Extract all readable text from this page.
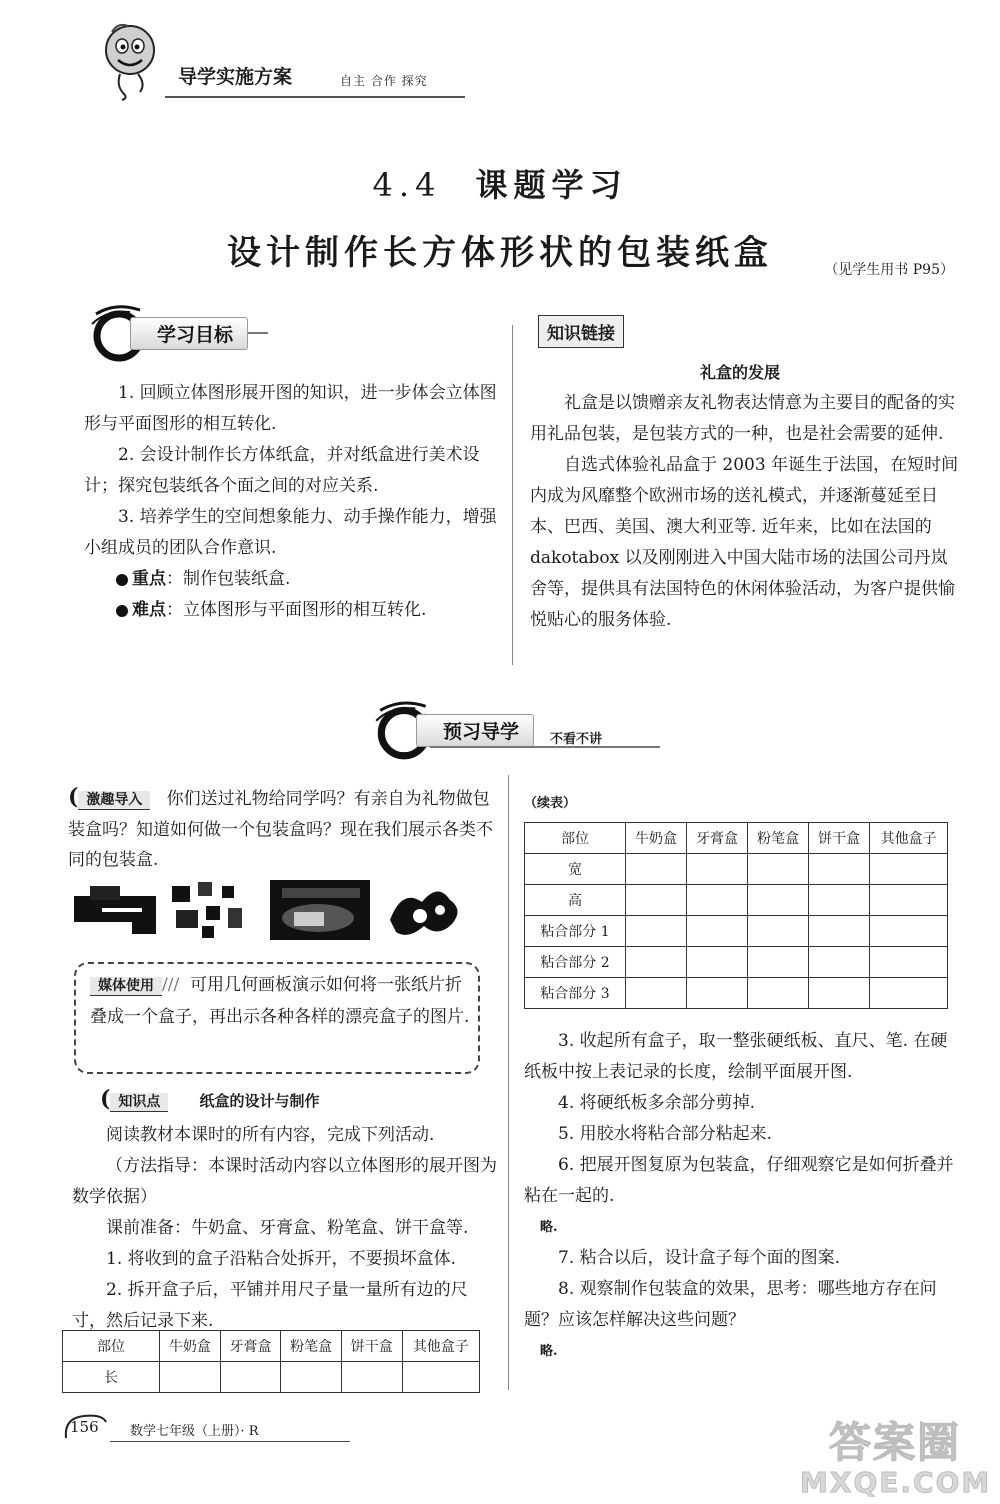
导学实施方案	自主 合作 探究
4.4 课题学习
设计制作长方体形状的包装纸盒	（见学生用书 P95）
学习目标

1. 回顾立体图形展开图的知识，进一步体会立体图形与平面图形的相互转化.

2. 会设计制作长方体纸盒，并对纸盒进行美术设计；探究包装纸各个面之间的对应关系.

3. 培养学生的空间想象能力、动手操作能力，增强小组成员的团队合作意识.

重点：制作包装纸盒.

难点：立体图形与平面图形的相互转化.

知识链接
礼盒的发展

礼盒是以馈赠亲友礼物表达情意为主要目的配备的实用礼品包装，是包装方式的一种，也是社会需要的延伸.

自选式体验礼品盒于 2003 年诞生于法国，在短时间内成为风靡整个欧洲市场的送礼模式，并逐渐蔓延至日本、巴西、美国、澳大利亚等. 近年来，比如在法国的 dakotabox 以及刚刚进入中国大陆市场的法国公司丹岚舍等，提供具有法国特色的休闲体验活动，为客户提供愉悦贴心的服务体验.

预习导学	不看不讲

( 激趣导入 你们送过礼物给同学吗？有亲自为礼物做包装盒吗？知道如何做一个包装盒吗？现在我们展示各类不同的包装盒.

媒体使用 /// 可用几何画板演示如何将一张纸片折叠成一个盒子，再出示各种各样的漂亮盒子的图片.

( 知识点	纸盒的设计与制作

阅读教材本课时的所有内容，完成下列活动.

（方法指导：本课时活动内容以立体图形的展开图为数学依据）

课前准备：牛奶盒、牙膏盒、粉笔盒、饼干盒等.

1. 将收到的盒子沿粘合处拆开，不要损坏盒体.

2. 拆开盒子后，平铺并用尺子量一量所有边的尺寸，然后记录下来.

部位	牛奶盒	牙膏盒	粉笔盒	饼干盒	其他盒子
长					
（续表）
部位	牛奶盒	牙膏盒	粉笔盒	饼干盒	其他盒子
宽					
高					
粘合部分 1					
粘合部分 2					
粘合部分 3					

3. 收起所有盒子，取一整张硬纸板、直尺、笔. 在硬纸板中按上表记录的长度，绘制平面展开图.

4. 将硬纸板多余部分剪掉.

5. 用胶水将粘合部分粘起来.

6. 把展开图复原为包装盒，仔细观察它是如何折叠并粘在一起的.

略.

7. 粘合以后，设计盒子每个面的图案.

8. 观察制作包装盒的效果，思考：哪些地方存在问题？应该怎样解决这些问题？

略.

156 数学七年级（上册）· R	答案圈
MXQE.COM
